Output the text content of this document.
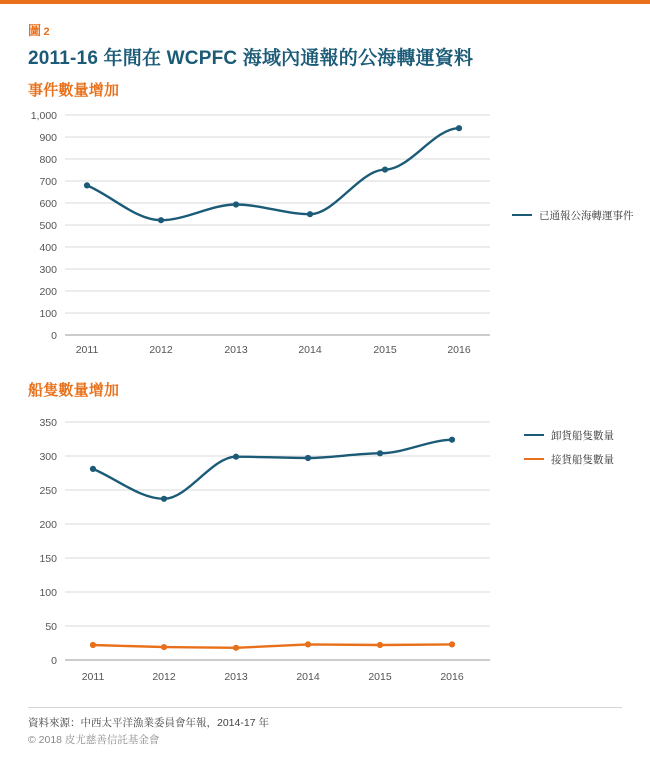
圖 2
2011-16 年間在 WCPFC 海域內通報的公海轉運資料
事件數量增加
1,000
900
800
700
600
500
400
300
200
100
0
2011	2012	2013	2014	2015	2016
已通報公海轉運事件
船隻數量增加
350
300
250
200
150
100
50
0
2011	2012	2013	2014	2015	2016
卸貨船隻數量
接貨船隻數量
資料來源：中西太平洋漁業委員會年報，2014-17 年
© 2018 皮尤慈善信託基金會
